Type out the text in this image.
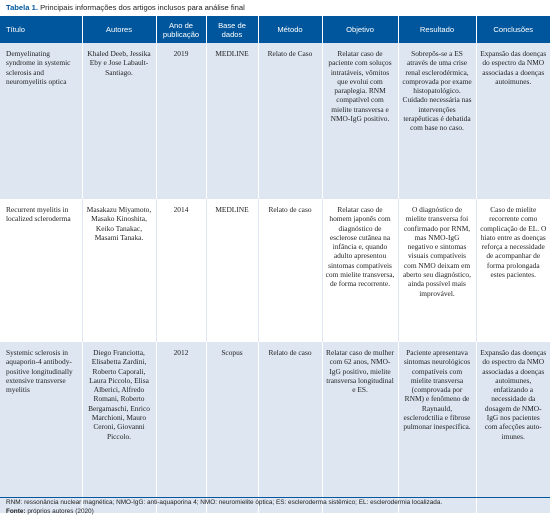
Tabela 1. Principais informações dos artigos inclusos para análise final
Título	Autores	Ano de publicação	Base de dados	Método	Objetivo	Resultado	Conclusões
Demyelinating syndrome in systemic sclerosis and neuromyelitis optica	Khaled Deeb, Jessika Eby e Jose Labault-Santiago.	2019	MEDLINE	Relato de Caso	Relatar caso de paciente com soluços intratáveis, vômitos que evolui com paraplegia. RNM compatível com mielite transversa e NMO-IgG positivo.	Sobrepõs-se a ES através de uma crise renal esclerodérmica, comprovada por exame histopatológico. Cuidado necessária nas intervenções terapêuticas é debatida com base no caso.	Expansão das doenças do espectro da NMO associadas a doenças autoimunes.
Recurrent myelitis in localized scleroderma	Masakazu Miyamoto, Masako Kinoshita, Keiko Tanakac, Masami Tanaka.	2014	MEDLINE	Relato de caso	Relatar caso de homem japonês com diagnóstico de esclerose cutânea na infância e, quando adulto apresentou sintomas compatíveis com mielite transversa, de forma recorrente.	O diagnóstico de mielite transversa foi confirmado por RNM, mas NMO-IgG negativo e sintomas visuais compatíveis com NMO deixam em aberto seu diagnóstico, ainda possível mais improvável.	Caso de mielite recorrente como complicação de EL. O hiato entre as doenças reforça a necessidade de acompanhar de forma prolongada estes pacientes.
Systemic sclerosis in aquaporin-4 antibody-positive longitudinally extensive transverse myelitis	Diego Franciotta, Elisabetta Zardini, Roberto Caporali, Laura Piccolo, Elisa Alberici, Alfredo Romani, Roberto Bergamaschi, Enrico Marchioni, Mauro Ceroni, Giovanni Piccolo.	2012	Scopus	Relato de caso	Relatar caso de mulher com 62 anos, NMO-IgG positivo, mielite transversa longitudinal e ES.	Paciente apresentava sintomas neurológicos compatíveis com mielite transversa (comprovada por RNM) e fenômeno de Raynauld, esclerodctilia e fibrose pulmonar inespecífica.	Expansão das doenças do espectro da NMO associadas a doenças autoimunes, enfatizando a necessidade da dosagem de NMO-IgG nos pacientes com afecções auto-imunes.
RNM: ressonância nuclear magnética; NMO-IgG: anti-aquaporina 4; NMO: neuromielite óptica; ES: escleroderma sistêmico; EL: esclerodermia localizada.
Fonte: próprios autores (2020)
